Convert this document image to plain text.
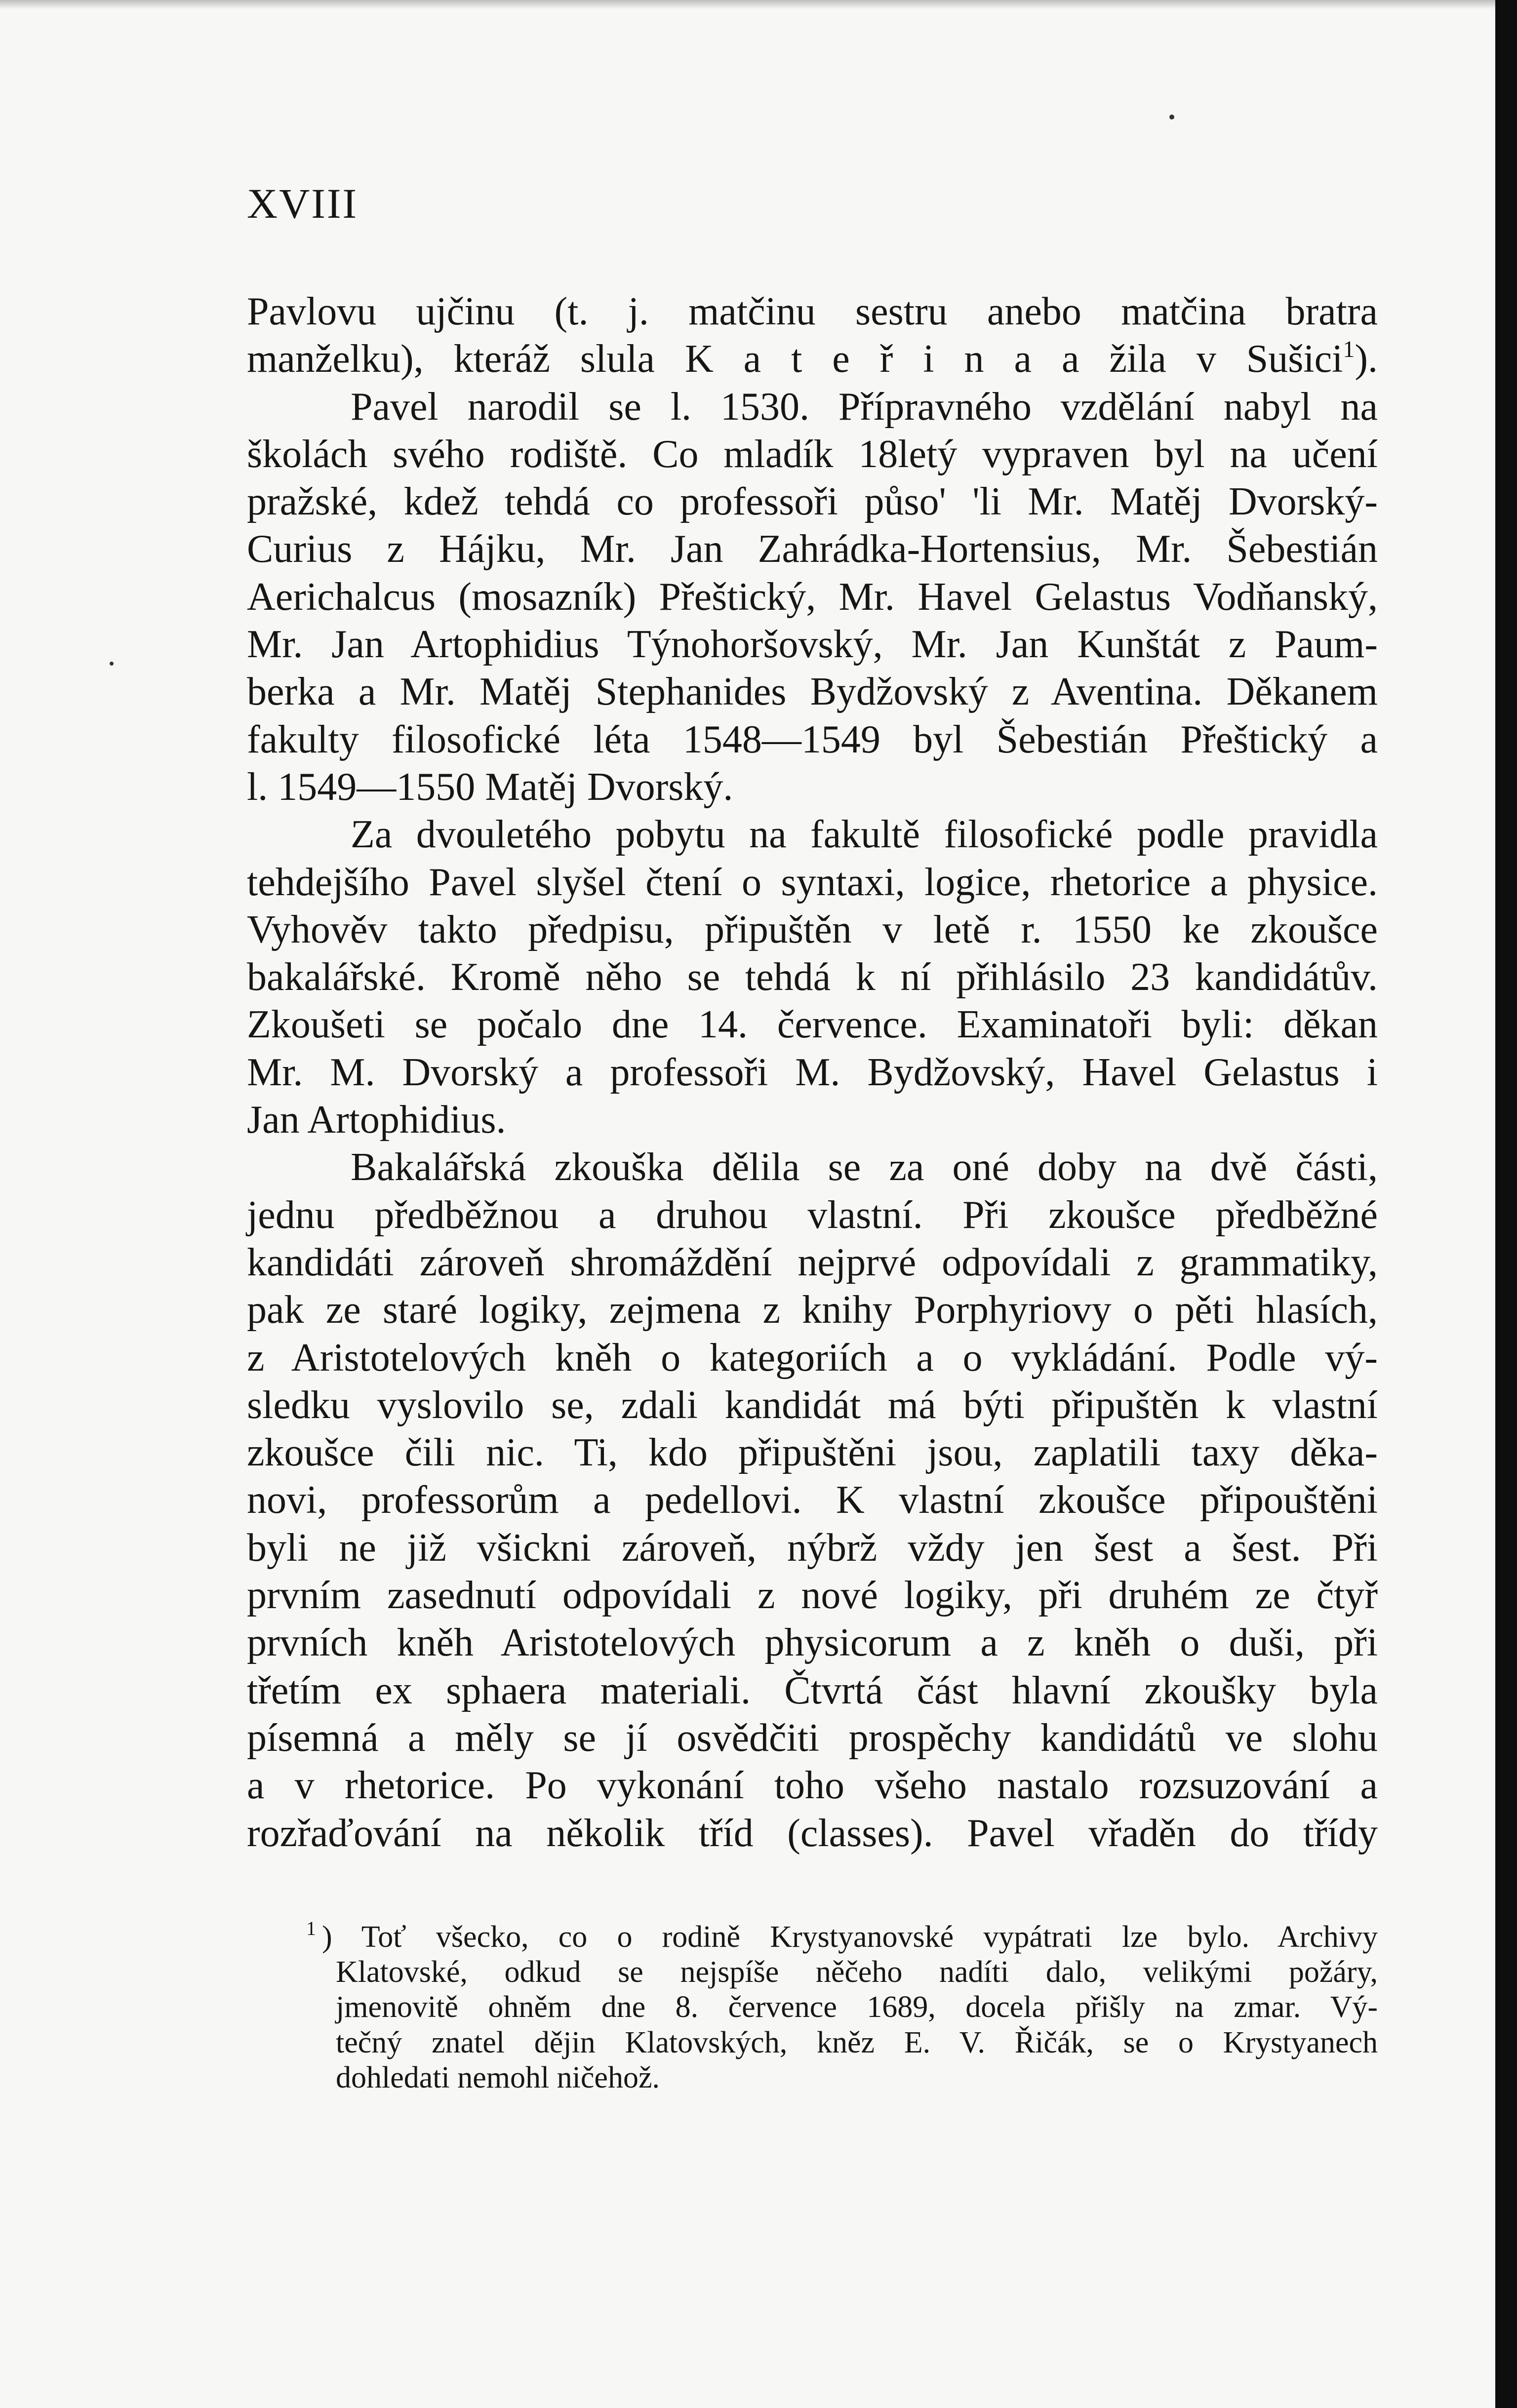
XVIII
Pavlovu ujčinu (t. j. matčinu sestru anebo matčina bratra
manželku), kteráž slula K a t e ř i n a a žila v Sušici$^1$).
Pavel narodil se l. 1530. Přípravného vzdělání nabyl na
školách svého rodiště. Co mladík 18letý vypraven byl na učení
pražské, kdež tehdá co professoři půso' 'li Mr. Matěj Dvorský-
Curius z Hájku, Mr. Jan Zahrádka-Hortensius, Mr. Šebestián
Aerichalcus (mosazník) Přeštický, Mr. Havel Gelastus Vodňanský,
Mr. Jan Artophidius Týnohoršovský, Mr. Jan Kunštát z Paum-
berka a Mr. Matěj Stephanides Bydžovský z Aventina. Děkanem
fakulty filosofické léta 1548—1549 byl Šebestián Přeštický a
l. 1549—1550 Matěj Dvorský.
Za dvouletého pobytu na fakultě filosofické podle pravidla
tehdejšího Pavel slyšel čtení o syntaxi, logice, rhetorice a physice.
Vyhověv takto předpisu, připuštěn v letě r. 1550 ke zkoušce
bakalářské. Kromě něho se tehdá k ní přihlásilo 23 kandidátův.
Zkoušeti se počalo dne 14. července. Examinatoři byli: děkan
Mr. M. Dvorský a professoři M. Bydžovský, Havel Gelastus i
Jan Artophidius.
Bakalářská zkouška dělila se za oné doby na dvě části,
jednu předběžnou a druhou vlastní. Při zkoušce předběžné
kandidáti zároveň shromáždění nejprvé odpovídali z grammatiky,
pak ze staré logiky, zejmena z knihy Porphyriovy o pěti hlasích,
z Aristotelových kněh o kategoriích a o vykládání. Podle vý-
sledku vyslovilo se, zdali kandidát má býti připuštěn k vlastní
zkoušce čili nic. Ti, kdo připuštěni jsou, zaplatili taxy děka-
novi, professorům a pedellovi. K vlastní zkoušce připouštěni
byli ne již všickni zároveň, nýbrž vždy jen šest a šest. Při
prvním zasednutí odpovídali z nové logiky, při druhém ze čtyř
prvních kněh Aristotelových physicorum a z kněh o duši, při
třetím ex sphaera materiali. Čtvrtá část hlavní zkoušky byla
písemná a měly se jí osvědčiti prospěchy kandidátů ve slohu
a v rhetorice. Po vykonání toho všeho nastalo rozsuzování a
rozřaďování na několik tříd (classes). Pavel vřaděn do třídy
$^1$ ) Toť všecko, co o rodině Krystyanovské vypátrati lze bylo. Archivy
Klatovské, odkud se nejspíše něčeho nadíti dalo, velikými požáry,
jmenovitě ohněm dne 8. července 1689, docela přišly na zmar. Vý-
tečný znatel dějin Klatovských, kněz E. V. Řičák, se o Krystyanech
dohledati nemohl ničehož.
